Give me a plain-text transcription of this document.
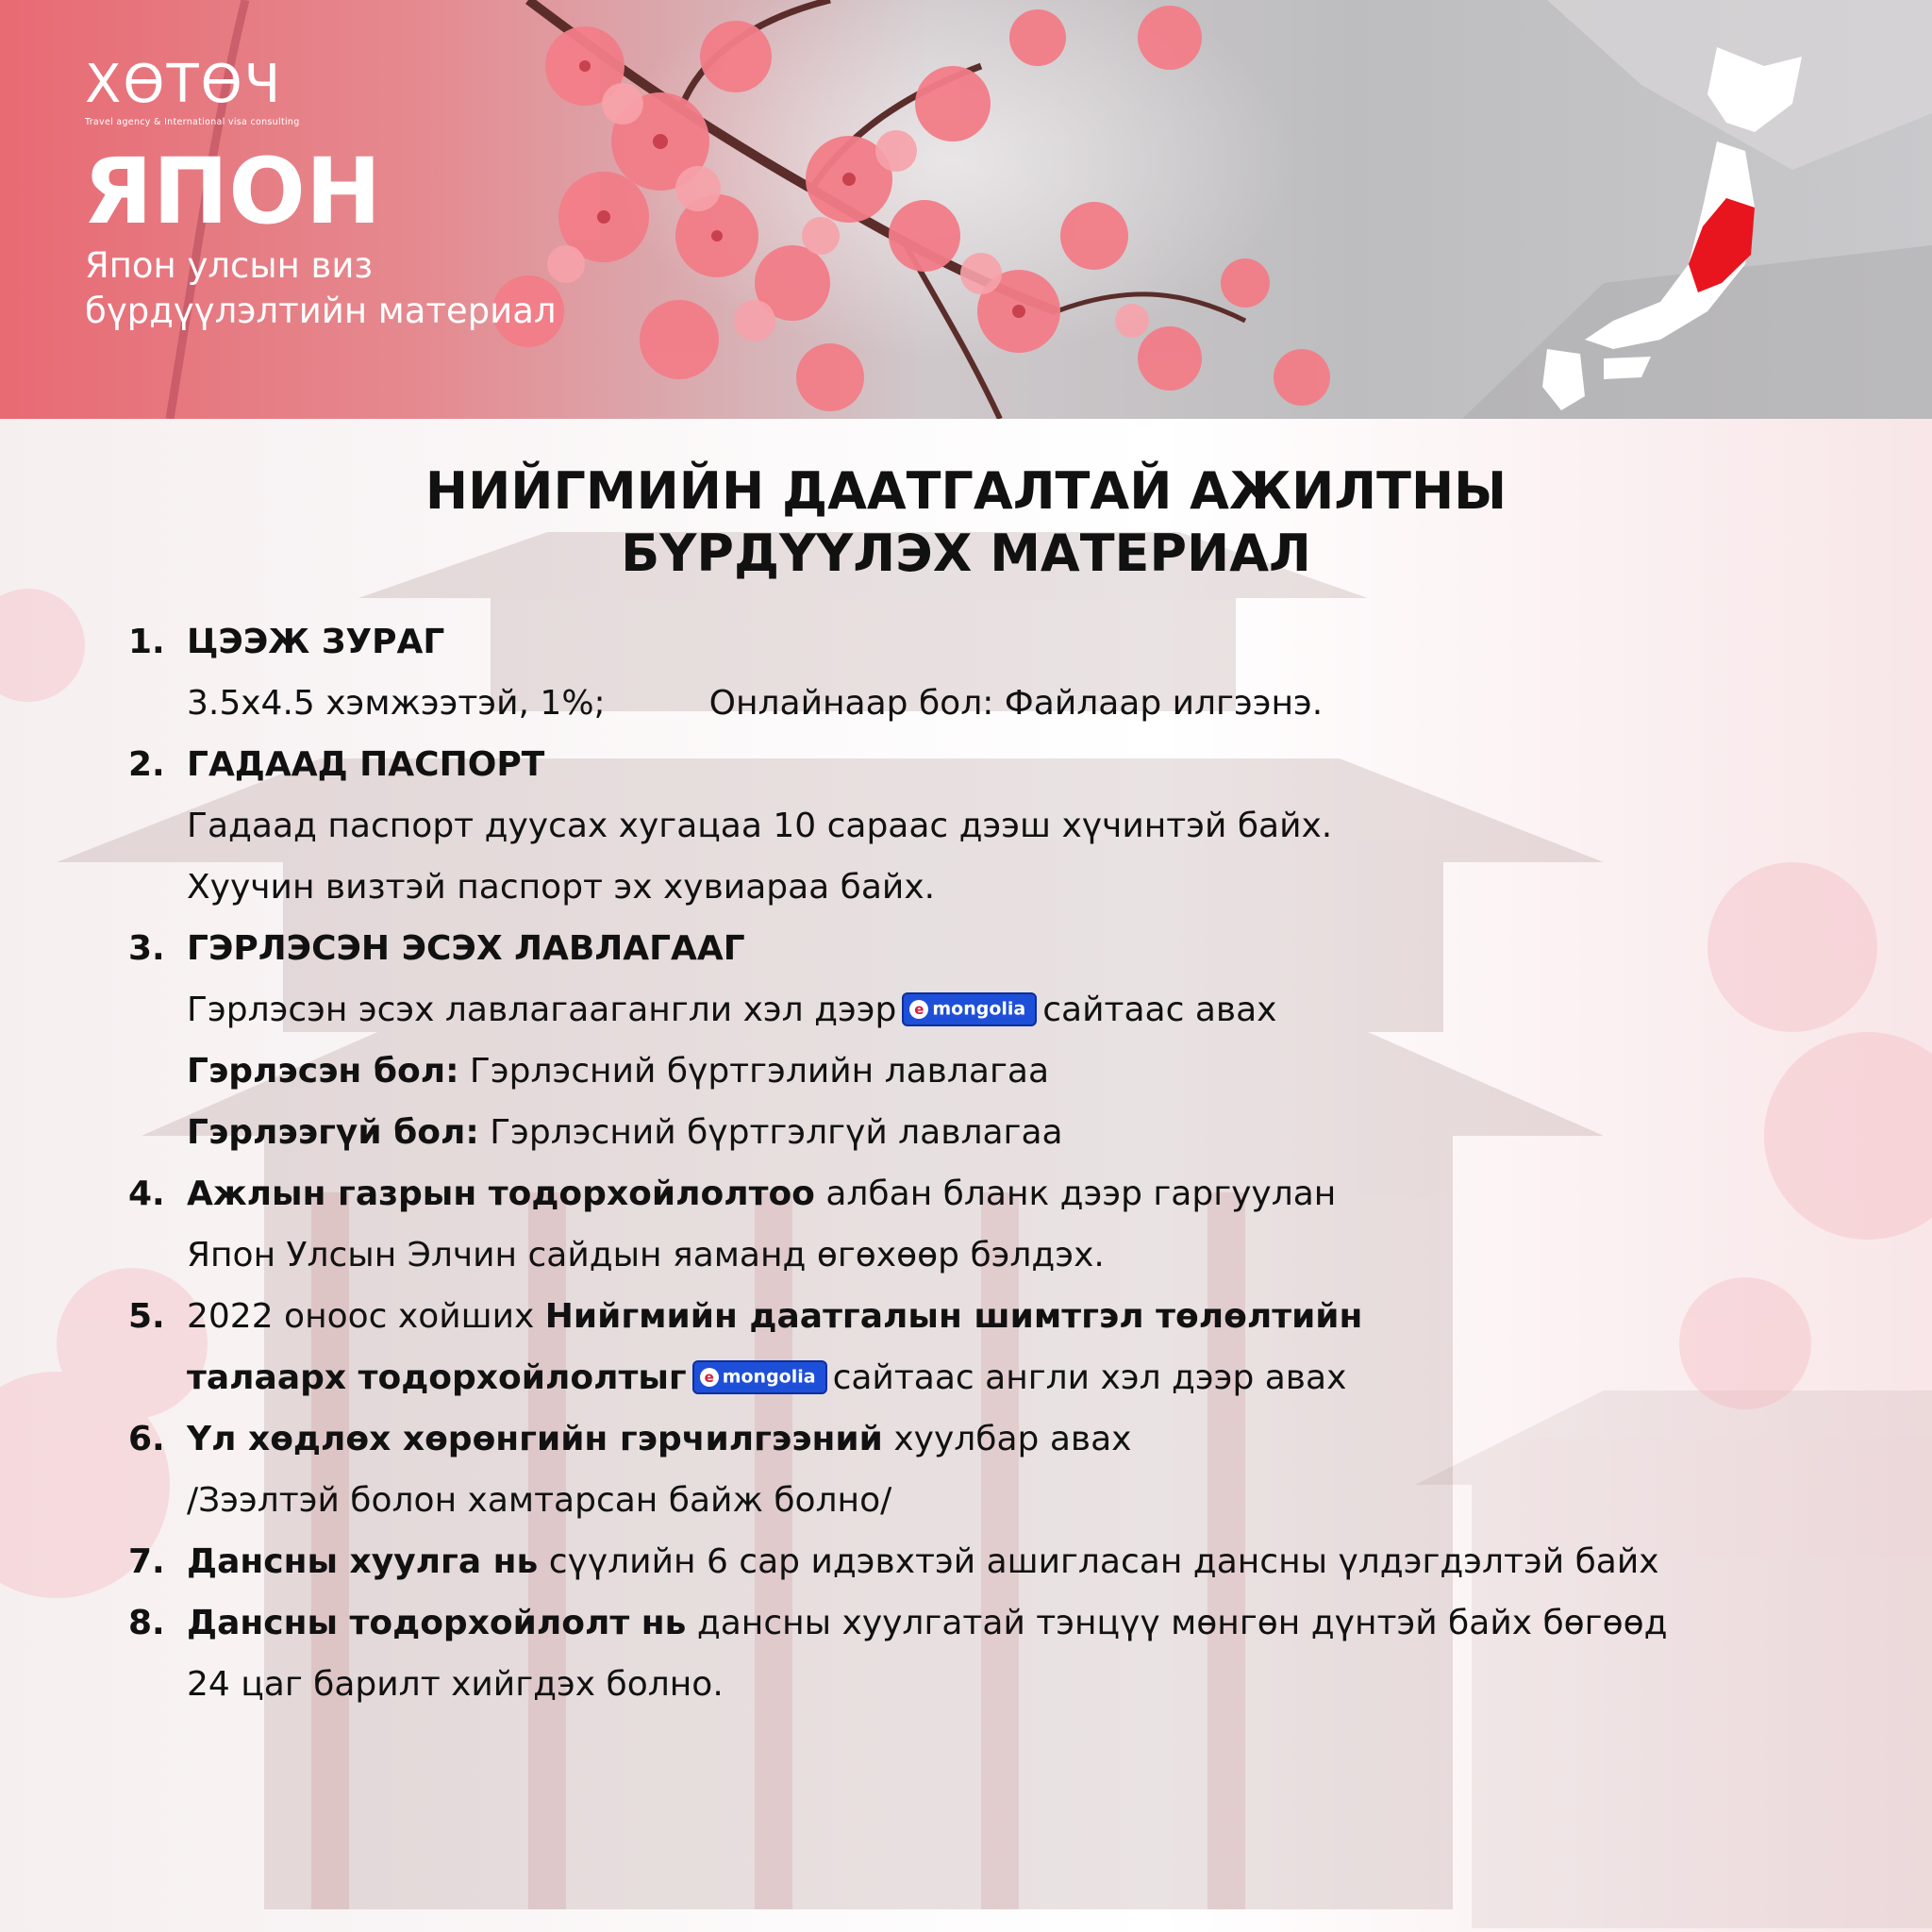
ХӨТӨЧ
Travel agency & International visa consulting
ЯПОН

Япон улсын виз
бүрдүүлэлтийн материал

НИЙГМИЙН ДААТГАЛТАЙ АЖИЛТНЫ
БҮРДҮҮЛЭХ МАТЕРИАЛ
1. ЦЭЭЖ ЗУРАГ
3.5x4.5 хэмжээтэй, 1%;	Онлайнаар бол: Файлаар илгээнэ.
2. ГАДААД ПАСПОРТ
Гадаад паспорт дуусах хугацаа 10 сараас дээш хүчинтэй байх.
Хуучин визтэй паспорт эх хувиараа байх.
3. ГЭРЛЭСЭН ЭСЭХ ЛАВЛАГААГ
Гэрлэсэн эсэх лавлагаагангли хэл дээр e mongolia сайтаас авах
Гэрлэсэн бол: Гэрлэсний бүртгэлийн лавлагаа
Гэрлээгүй бол: Гэрлэсний бүртгэлгүй лавлагаа
4. Ажлын газрын тодорхойлолтоо албан бланк дээр гаргуулан
Япон Улсын Элчин сайдын яаманд өгөхөөр бэлдэх.
5. 2022 оноос хойших Нийгмийн даатгалын шимтгэл төлөлтийн
талаарх тодорхойлолтыг e mongolia сайтаас англи хэл дээр авах
6. Үл хөдлөх хөрөнгийн гэрчилгээний хуулбар авах
/Зээлтэй болон хамтарсан байж болно/
7. Дансны хуулга нь сүүлийн 6 сар идэвхтэй ашигласан дансны үлдэгдэлтэй байх
8. Дансны тодорхойлолт нь дансны хуулгатай тэнцүү мөнгөн дүнтэй байх бөгөөд
24 цаг барилт хийгдэх болно.
